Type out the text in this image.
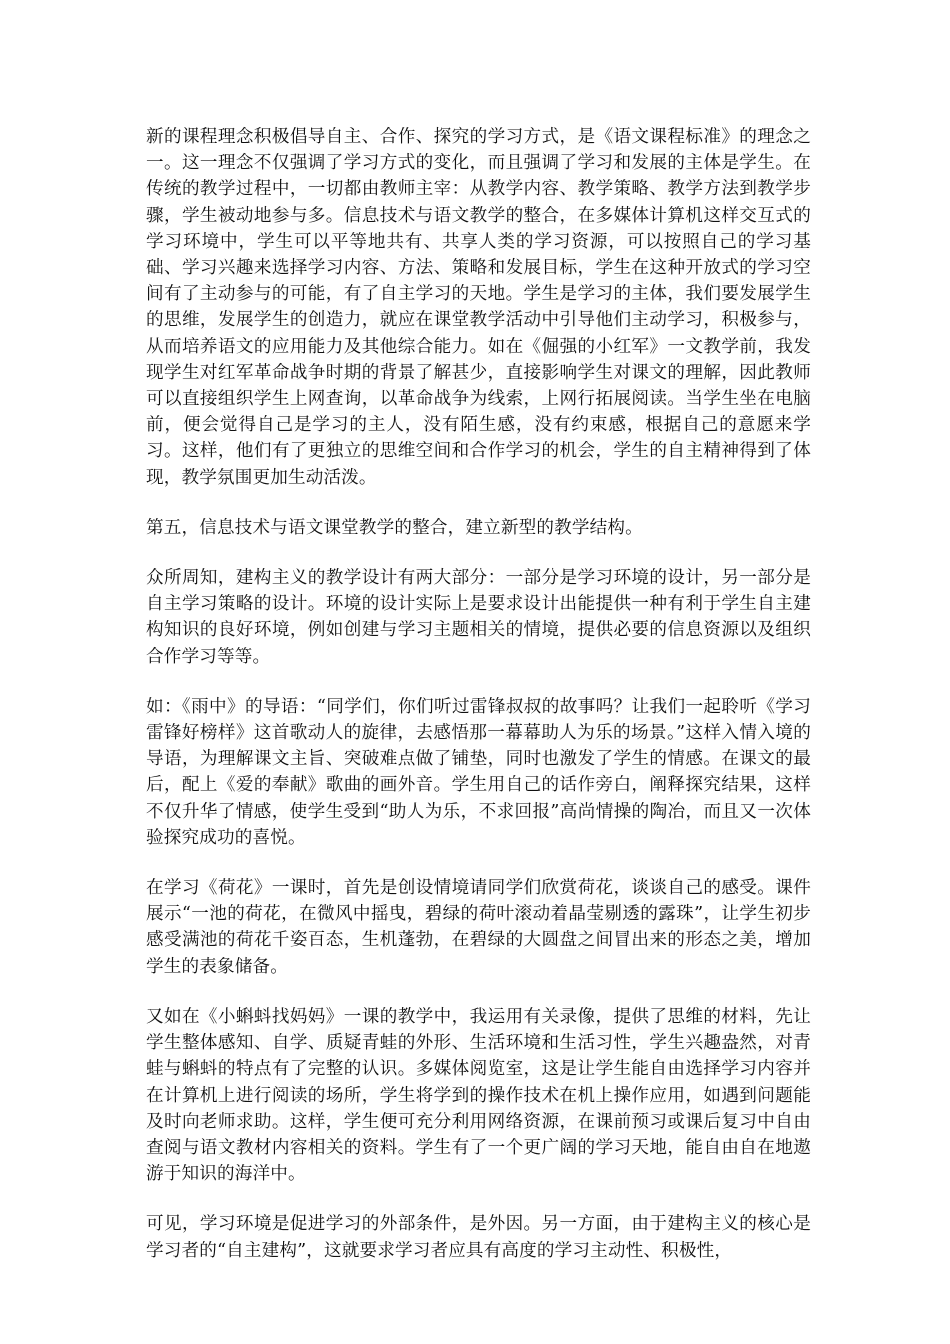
新的课程理念积极倡导自主、合作、探究的学习方式，是《语文课程标准》的理念之一。这一理念不仅强调了学习方式的变化，而且强调了学习和发展的主体是学生。在传统的教学过程中，一切都由教师主宰：从教学内容、教学策略、教学方法到教学步骤，学生被动地参与多。信息技术与语文教学的整合，在多媒体计算机这样交互式的学习环境中，学生可以平等地共有、共享人类的学习资源，可以按照自己的学习基础、学习兴趣来选择学习内容、方法、策略和发展目标，学生在这种开放式的学习空间有了主动参与的可能，有了自主学习的天地。学生是学习的主体，我们要发展学生的思维，发展学生的创造力，就应在课堂教学活动中引导他们主动学习，积极参与，从而培养语文的应用能力及其他综合能力。如在《倔强的小红军》一文教学前，我发现学生对红军革命战争时期的背景了解甚少，直接影响学生对课文的理解，因此教师可以直接组织学生上网查询，以革命战争为线索，上网行拓展阅读。当学生坐在电脑前，便会觉得自己是学习的主人，没有陌生感，没有约束感，根据自己的意愿来学习。这样，他们有了更独立的思维空间和合作学习的机会，学生的自主精神得到了体现，教学氛围更加生动活泼。

第五，信息技术与语文课堂教学的整合，建立新型的教学结构。

众所周知，建构主义的教学设计有两大部分：一部分是学习环境的设计，另一部分是自主学习策略的设计。环境的设计实际上是要求设计出能提供一种有利于学生自主建构知识的良好环境，例如创建与学习主题相关的情境，提供必要的信息资源以及组织合作学习等等。

如：《雨中》的导语：“同学们，你们听过雷锋叔叔的故事吗？让我们一起聆听《学习雷锋好榜样》这首歌动人的旋律，去感悟那一幕幕助人为乐的场景。”这样入情入境的导语，为理解课文主旨、突破难点做了铺垫，同时也激发了学生的情感。在课文的最后，配上《爱的奉献》歌曲的画外音。学生用自己的话作旁白，阐释探究结果，这样不仅升华了情感，使学生受到“助人为乐，不求回报”高尚情操的陶冶，而且又一次体验探究成功的喜悦。

在学习《荷花》一课时，首先是创设情境请同学们欣赏荷花，谈谈自己的感受。课件展示“一池的荷花，在微风中摇曳，碧绿的荷叶滚动着晶莹剔透的露珠”，让学生初步感受满池的荷花千姿百态，生机蓬勃，在碧绿的大圆盘之间冒出来的形态之美，增加学生的表象储备。

又如在《小蝌蚪找妈妈》一课的教学中，我运用有关录像，提供了思维的材料，先让学生整体感知、自学、质疑青蛙的外形、生活环境和生活习性，学生兴趣盎然，对青蛙与蝌蚪的特点有了完整的认识。多媒体阅览室，这是让学生能自由选择学习内容并在计算机上进行阅读的场所，学生将学到的操作技术在机上操作应用，如遇到问题能及时向老师求助。这样，学生便可充分利用网络资源，在课前预习或课后复习中自由查阅与语文教材内容相关的资料。学生有了一个更广阔的学习天地，能自由自在地遨游于知识的海洋中。

可见，学习环境是促进学习的外部条件，是外因。另一方面，由于建构主义的核心是学习者的“自主建构”，这就要求学习者应具有高度的学习主动性、积极性，
